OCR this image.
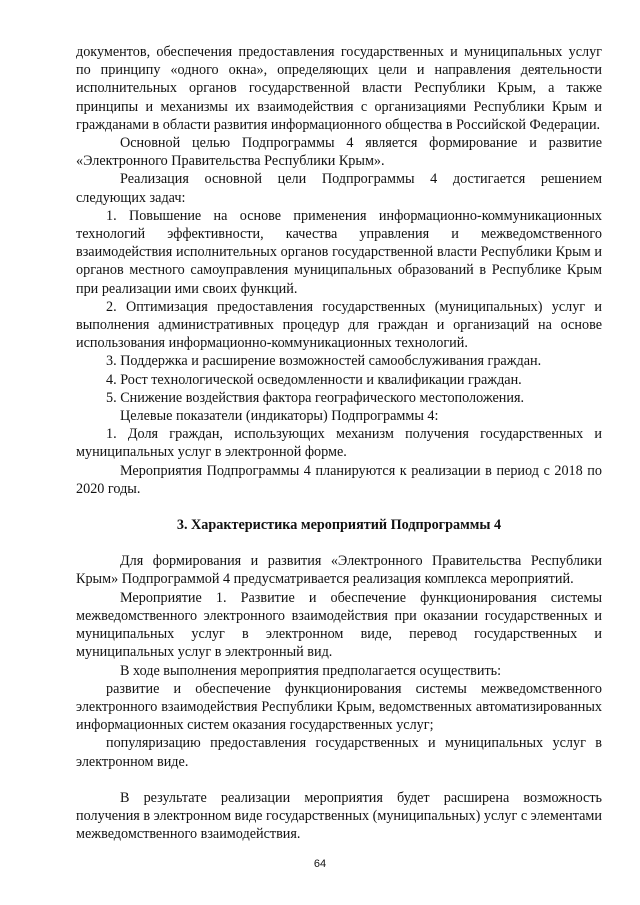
документов, обеспечения предоставления государственных и муниципальных услуг по принципу «одного окна», определяющих цели и направления деятельности исполнительных органов государственной власти Республики Крым, а также принципы и механизмы их взаимодействия с организациями Республики Крым и гражданами в области развития информационного общества в Российской Федерации.

Основной целью Подпрограммы 4 является формирование и развитие «Электронного Правительства Республики Крым».

Реализация основной цели Подпрограммы 4 достигается решением следующих задач:

1. Повышение на основе применения информационно-коммуникационных технологий эффективности, качества управления и межведомственного взаимодействия исполнительных органов государственной власти Республики Крым и органов местного самоуправления муниципальных образований в Республике Крым при реализации ими своих функций.

2. Оптимизация предоставления государственных (муниципальных) услуг и выполнения административных процедур для граждан и организаций на основе использования информационно-коммуникационных технологий.

3. Поддержка и расширение возможностей самообслуживания граждан.

4. Рост технологической осведомленности и квалификации граждан.

5. Снижение воздействия фактора географического местоположения.

Целевые показатели (индикаторы) Подпрограммы 4:

1. Доля граждан, использующих механизм получения государственных и муниципальных услуг в электронной форме.

Мероприятия Подпрограммы 4 планируются к реализации в период с 2018 по 2020 годы.

3. Характеристика мероприятий Подпрограммы 4

Для формирования и развития «Электронного Правительства Республики Крым» Подпрограммой 4 предусматривается реализация комплекса мероприятий.

Мероприятие 1. Развитие и обеспечение функционирования системы межведомственного электронного взаимодействия при оказании государственных и муниципальных услуг в электронном виде, перевод государственных и муниципальных услуг в электронный вид.

В ходе выполнения мероприятия предполагается осуществить:

развитие и обеспечение функционирования системы межведомственного электронного взаимодействия Республики Крым, ведомственных автоматизированных информационных систем оказания государственных услуг;

популяризацию предоставления государственных и муниципальных услуг в электронном виде.

В результате реализации мероприятия будет расширена возможность получения в электронном виде государственных (муниципальных) услуг с элементами межведомственного взаимодействия.

64
